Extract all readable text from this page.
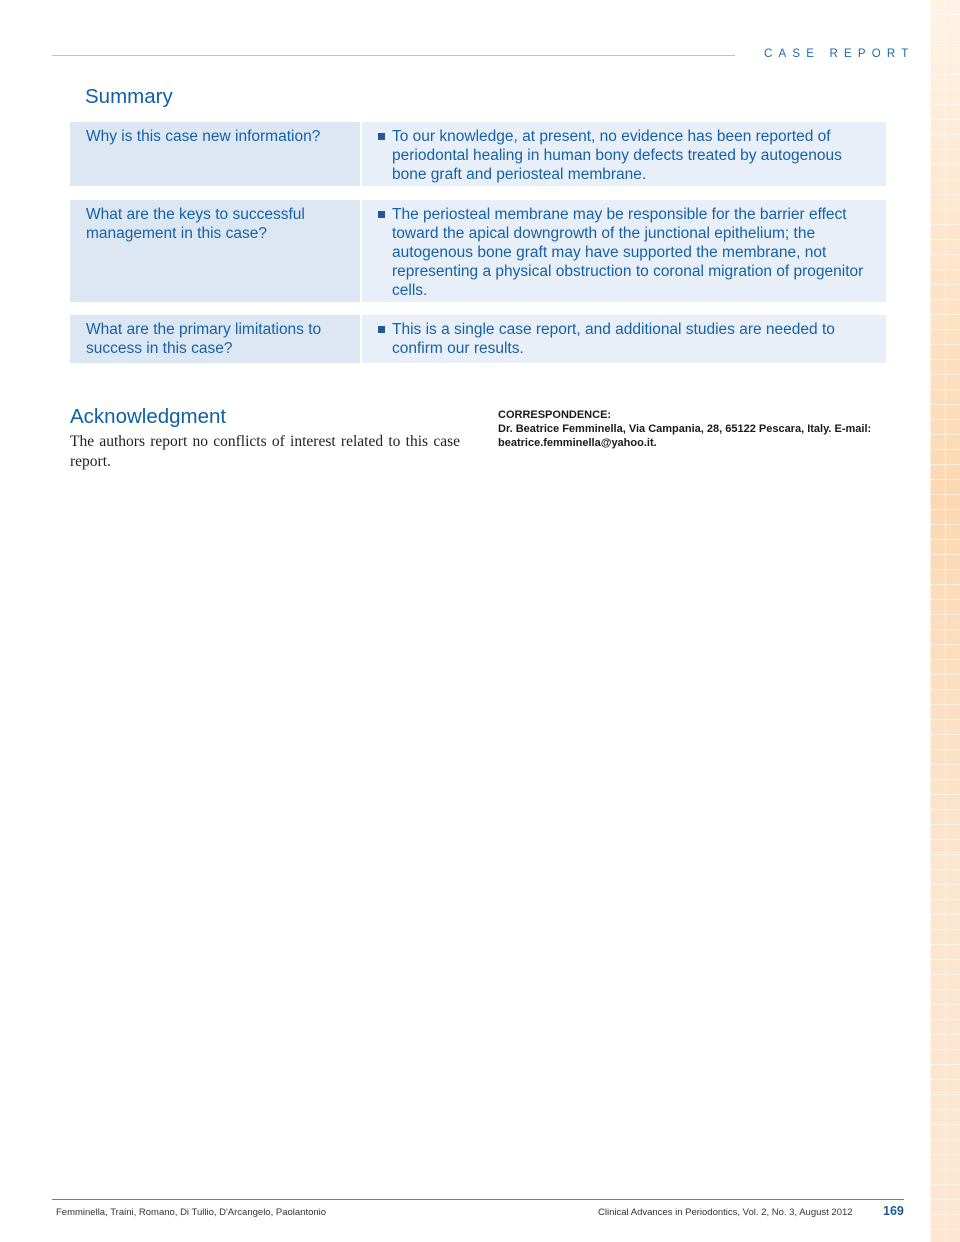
CASE REPORT
Summary
Why is this case new information?	To our knowledge, at present, no evidence has been reported of periodontal healing in human bony defects treated by autogenous bone graft and periosteal membrane.
What are the keys to successful management in this case?
The periosteal membrane may be responsible for the barrier effect toward the apical downgrowth of the junctional epithelium; the autogenous bone graft may have supported the membrane, not representing a physical obstruction to coronal migration of progenitor cells.
What are the primary limitations to success in this case?
This is a single case report, and additional studies are needed to confirm our results.
Acknowledgment

The authors report no conflicts of interest related to this case report.

CORRESPONDENCE:

Dr. Beatrice Femminella, Via Campania, 28, 65122 Pescara, Italy. E-mail: beatrice.femminella@yahoo.it.

Femminella, Traini, Romano, Di Tullio, D'Arcangelo, Paolantonio	Clinical Advances in Periodontics, Vol. 2, No. 3, August 2012 169
